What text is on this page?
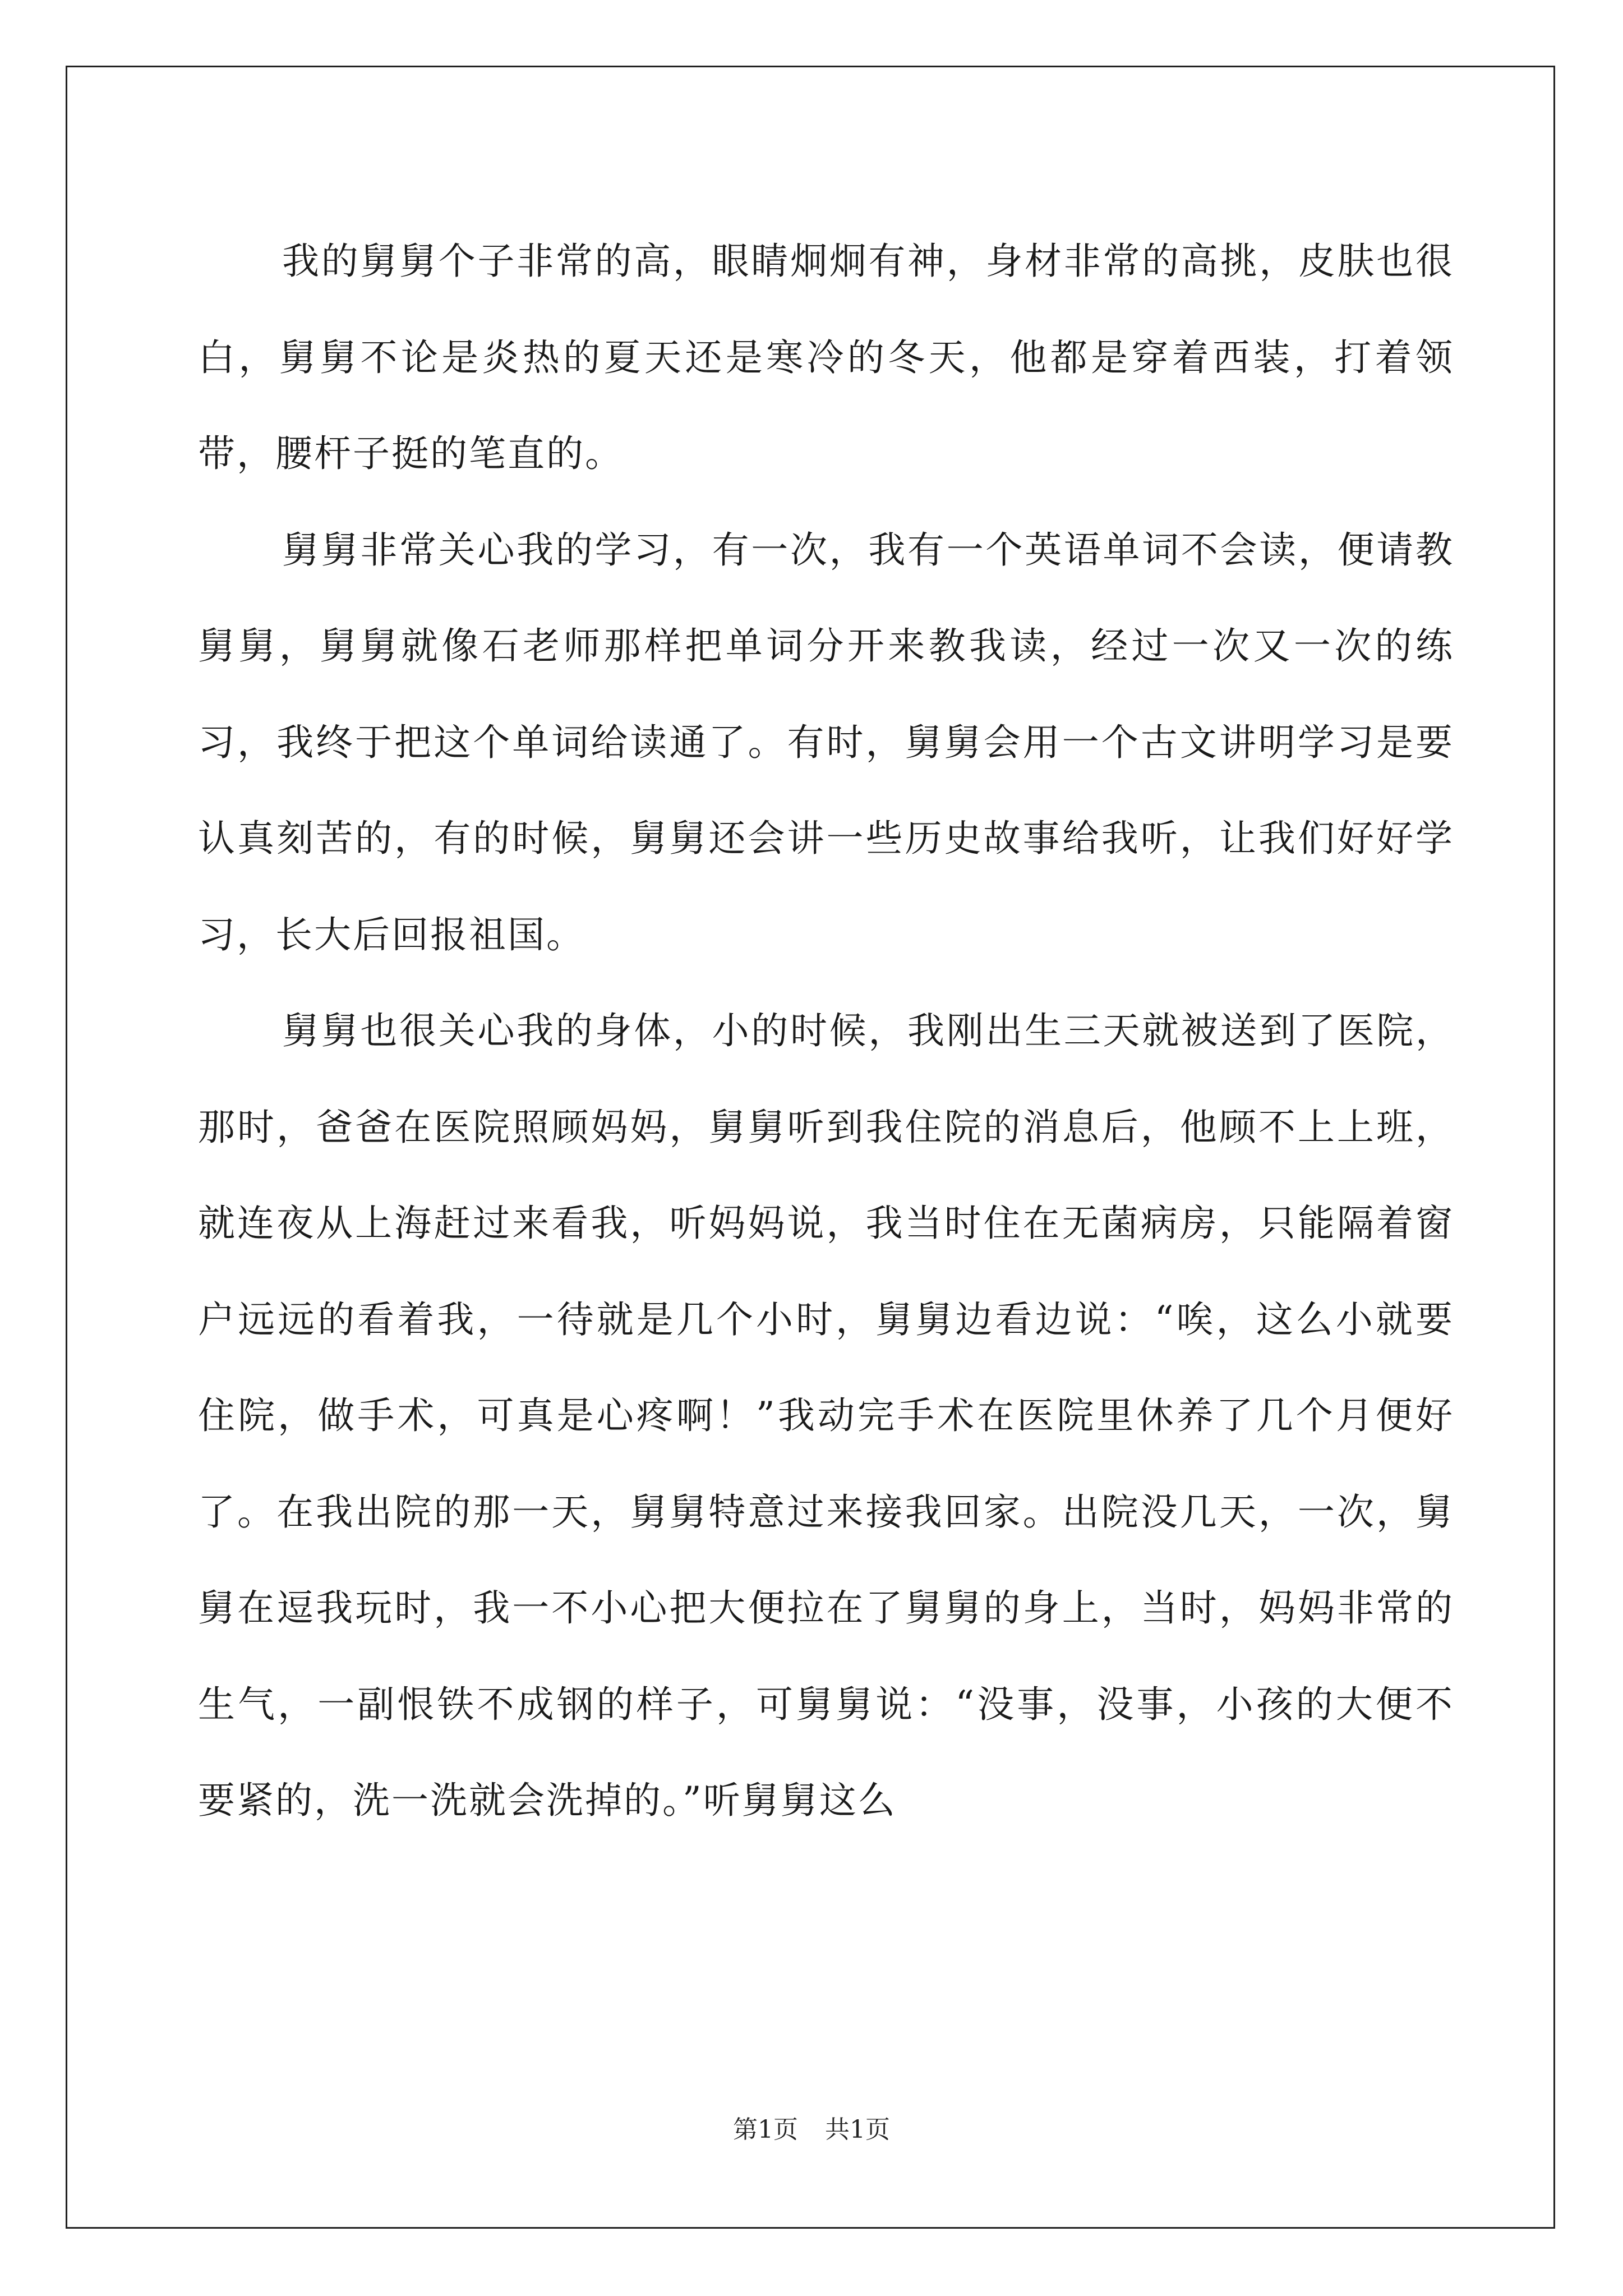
我的舅舅个子非常的高，眼睛炯炯有神，身材非常的高挑，皮肤也很白，舅舅不论是炎热的夏天还是寒冷的冬天，他都是穿着西装，打着领带，腰杆子挺的笔直的。

舅舅非常关心我的学习，有一次，我有一个英语单词不会读，便请教舅舅，舅舅就像石老师那样把单词分开来教我读，经过一次又一次的练习，我终于把这个单词给读通了。有时，舅舅会用一个古文讲明学习是要认真刻苦的，有的时候，舅舅还会讲一些历史故事给我听，让我们好好学习，长大后回报祖国。

舅舅也很关心我的身体，小的时候，我刚出生三天就被送到了医院，那时，爸爸在医院照顾妈妈，舅舅听到我住院的消息后，他顾不上上班，就连夜从上海赶过来看我，听妈妈说，我当时住在无菌病房，只能隔着窗户远远的看着我，一待就是几个小时，舅舅边看边说：“唉，这么小就要住院，做手术，可真是心疼啊！”我动完手术在医院里休养了几个月便好了。在我出院的那一天，舅舅特意过来接我回家。出院没几天，一次，舅舅在逗我玩时，我一不小心把大便拉在了舅舅的身上，当时，妈妈非常的生气，一副恨铁不成钢的样子，可舅舅说：“没事，没事，小孩的大便不要紧的，洗一洗就会洗掉的。”听舅舅这么

第1页 共1页
